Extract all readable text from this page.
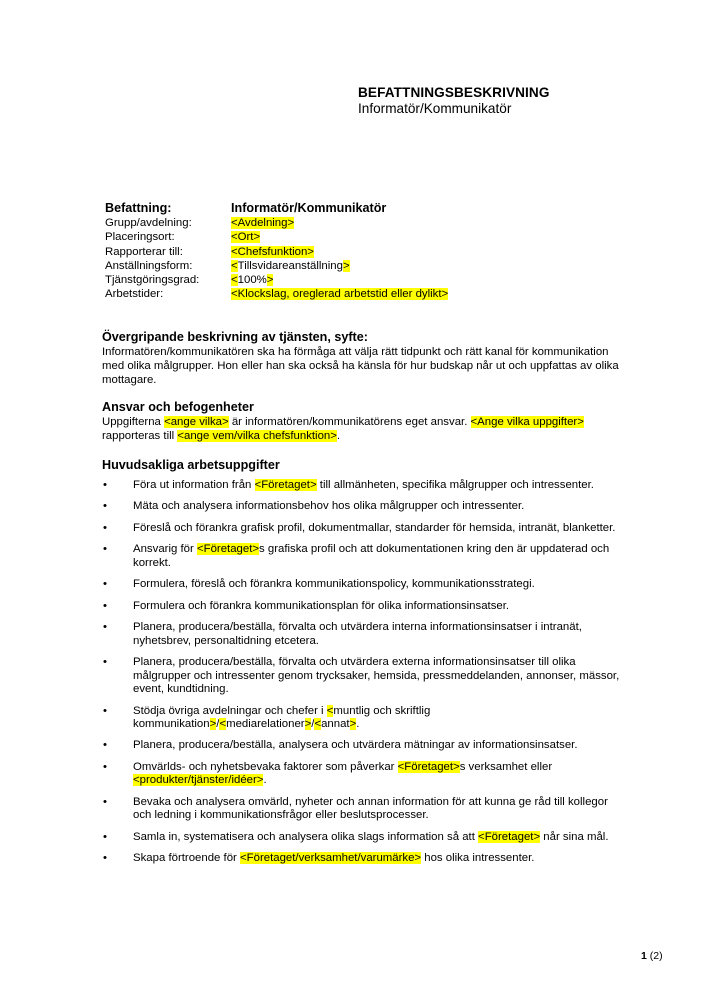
BEFATTNINGSBESKRIVNING
Informatör/Kommunikatör
Befattning:	Informatör/Kommunikatör
Grupp/avdelning:	<Avdelning>
Placeringsort:	<Ort>
Rapporterar till:	<Chefsfunktion>
Anställningsform:	<Tillsvidareanställning>
Tjänstgöringsgrad:	<100%>
Arbetstider:	<Klockslag, oreglerad arbetstid eller dylikt>
Övergripande beskrivning av tjänsten, syfte:

Informatören/kommunikatören ska ha förmåga att välja rätt tidpunkt och rätt kanal för kommunikation med olika målgrupper. Hon eller han ska också ha känsla för hur budskap når ut och uppfattas av olika mottagare.

Ansvar och befogenheter

Uppgifterna <ange vilka> är informatören/kommunikatörens eget ansvar. <Ange vilka uppgifter> rapporteras till <ange vem/vilka chefsfunktion>.

Huvudsakliga arbetsuppgifter
• Föra ut information från <Företaget> till allmänheten, specifika målgrupper och intressenter.
• Mäta och analysera informationsbehov hos olika målgrupper och intressenter.
• Föreslå och förankra grafisk profil, dokumentmallar, standarder för hemsida, intranät, blanketter.
• Ansvarig för <Företaget>s grafiska profil och att dokumentationen kring den är uppdaterad och korrekt.
• Formulera, föreslå och förankra kommunikationspolicy, kommunikationsstrategi.
• Formulera och förankra kommunikationsplan för olika informationsinsatser.
• Planera, producera/beställa, förvalta och utvärdera interna informationsinsatser i intranät, nyhetsbrev, personaltidning etcetera.
• Planera, producera/beställa, förvalta och utvärdera externa informationsinsatser till olika målgrupper och intressenter genom trycksaker, hemsida, pressmeddelanden, annonser, mässor, event, kundtidning.
• Stödja övriga avdelningar och chefer i <muntlig och skriftlig kommunikation>/<mediarelationer>/<annat>.
• Planera, producera/beställa, analysera och utvärdera mätningar av informationsinsatser.
• Omvärlds- och nyhetsbevaka faktorer som påverkar <Företaget>s verksamhet eller <produkter/tjänster/idéer>.
• Bevaka och analysera omvärld, nyheter och annan information för att kunna ge råd till kollegor och ledning i kommunikationsfrågor eller beslutsprocesser.
• Samla in, systematisera och analysera olika slags information så att <Företaget> når sina mål.
• Skapa förtroende för <Företaget/verksamhet/varumärke> hos olika intressenter.
1 (2)
